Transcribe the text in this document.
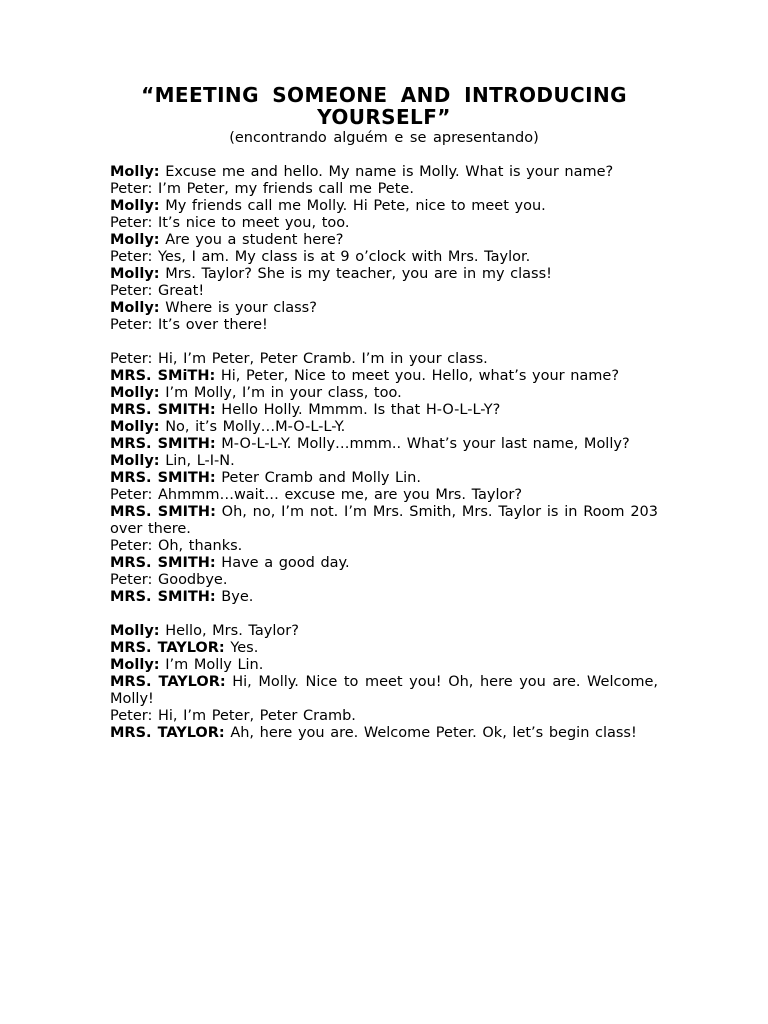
“MEETING SOMEONE AND INTRODUCING YOURSELF”
(encontrando alguém e se apresentando)
Molly: Excuse me and hello. My name is Molly. What is your name?
Peter: I’m Peter, my friends call me Pete.
Molly: My friends call me Molly. Hi Pete, nice to meet you.
Peter: It’s nice to meet you, too.
Molly: Are you a student here?
Peter: Yes, I am. My class is at 9 o’clock with Mrs. Taylor.
Molly: Mrs. Taylor? She is my teacher, you are in my class!
Peter: Great!
Molly: Where is your class?
Peter: It’s over there!
Peter: Hi, I’m Peter, Peter Cramb. I’m in your class.
MRS. SMiTH: Hi, Peter, Nice to meet you. Hello, what’s your name?
Molly: I’m Molly, I’m in your class, too.
MRS. SMITH: Hello Holly. Mmmm. Is that H-O-L-L-Y?
Molly: No, it’s Molly…M-O-L-L-Y.
MRS. SMITH: M-O-L-L-Y. Molly…mmm.. What’s your last name, Molly?
Molly: Lin, L-I-N.
MRS. SMITH: Peter Cramb and Molly Lin.
Peter: Ahmmm…wait… excuse me, are you Mrs. Taylor?
MRS. SMITH: Oh, no, I’m not. I’m Mrs. Smith, Mrs. Taylor is in Room 203 over there.
Peter: Oh, thanks.
MRS. SMITH: Have a good day.
Peter: Goodbye.
MRS. SMITH: Bye.
Molly: Hello, Mrs. Taylor?
MRS. TAYLOR: Yes.
Molly: I’m Molly Lin.
MRS. TAYLOR: Hi, Molly. Nice to meet you! Oh, here you are. Welcome, Molly!
Peter: Hi, I’m Peter, Peter Cramb.
MRS. TAYLOR: Ah, here you are. Welcome Peter. Ok, let’s begin class!
